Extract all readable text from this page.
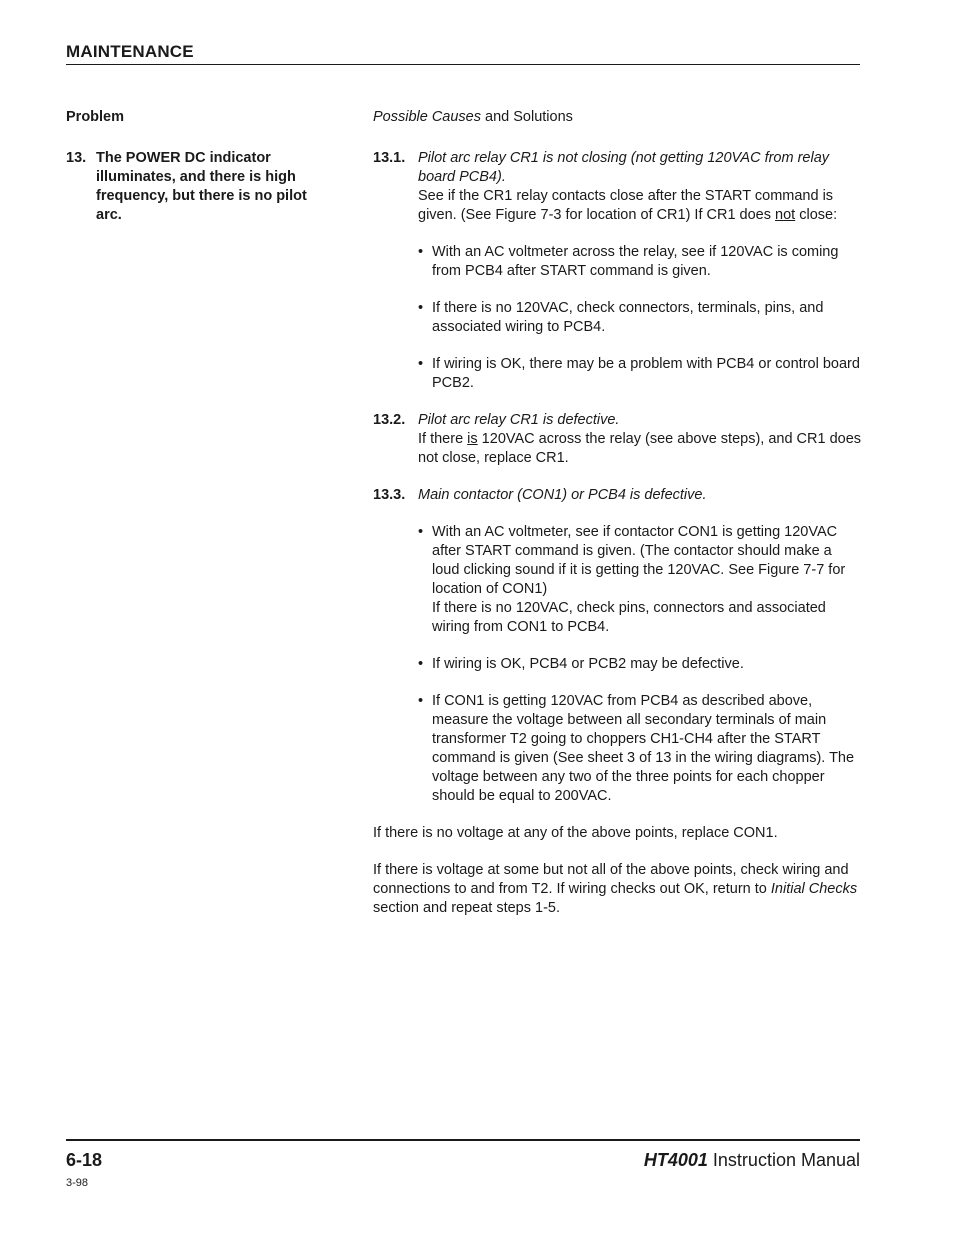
MAINTENANCE

Problem

13. The POWER DC indicator illuminates, and there is high frequency, but there is no pilot arc.

Possible Causes and Solutions

13.1. Pilot arc relay CR1 is not closing (not getting 120VAC from relay board PCB4).

See if the CR1 relay contacts close after the START command is given. (See Figure 7-3 for location of CR1) If CR1 does not close:

• With an AC voltmeter across the relay, see if 120VAC is coming from PCB4 after START command is given.
• If there is no 120VAC, check connectors, terminals, pins, and associated wiring to PCB4.
• If wiring is OK, there may be a problem with PCB4 or control board PCB2.
13.2. Pilot arc relay CR1 is defective.

If there is 120VAC across the relay (see above steps), and CR1 does not close, replace CR1.

13.3. Main contactor (CON1) or PCB4 is defective.

• With an AC voltmeter, see if contactor CON1 is getting 120VAC after START command is given. (The contactor should make a loud clicking sound if it is getting the 120VAC. See Figure 7-7 for location of CON1)
If there is no 120VAC, check pins, connectors and associated wiring from CON1 to PCB4.
• If wiring is OK, PCB4 or PCB2 may be defective.
• If CON1 is getting 120VAC from PCB4 as described above, measure the voltage between all secondary terminals of main transformer T2 going to choppers CH1-CH4 after the START command is given (See sheet 3 of 13 in the wiring diagrams). The voltage between any two of the three points for each chopper should be equal to 200VAC.

If there is no voltage at any of the above points, replace CON1.

If there is voltage at some but not all of the above points, check wiring and connections to and from T2. If wiring checks out OK, return to Initial Checks section and repeat steps 1-5.

6-18
3-98
HT4001 Instruction Manual
